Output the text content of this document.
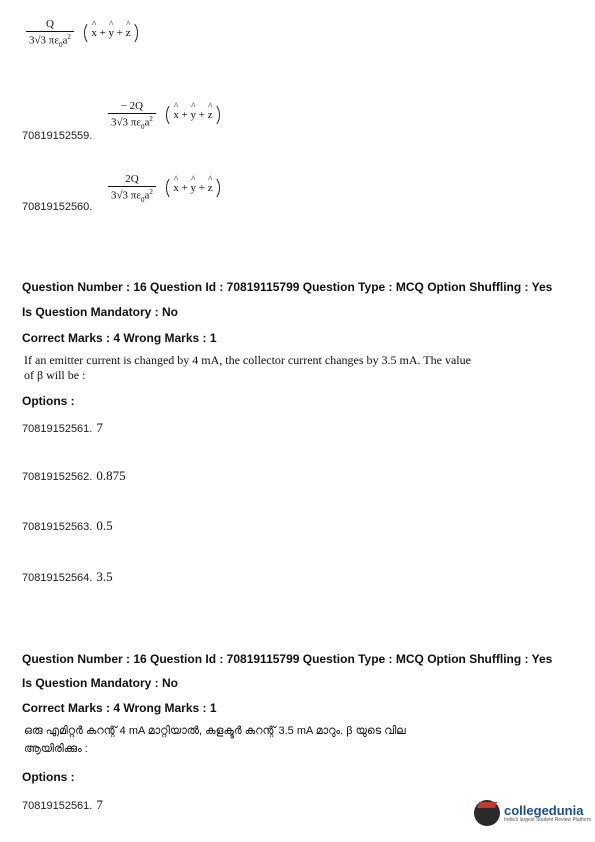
$\frac{Q}{3√3 \pi\varepsilon_0a^2}$ ^ x + ^ y + ^ z
70819152559.
$\frac{- 2Q}{3√3 \pi\varepsilon_0a^2}$ ^ x + ^ y + ^ z
70819152560.
$\frac{2Q}{3√3 \pi\varepsilon_0a^2}$ ^ x + ^ y + ^ z
Question Number : 16 Question Id : 70819115799 Question Type : MCQ Option Shuffling : Yes
Is Question Mandatory : No
Correct Marks : 4 Wrong Marks : 1
If an emitter current is changed by 4 mA, the collector current changes by 3.5 mA. The value
of β will be :
Options :
70819152561. 7
70819152562. 0.875
70819152563. 0.5
70819152564. 3.5
Question Number : 16 Question Id : 70819115799 Question Type : MCQ Option Shuffling : Yes
Is Question Mandatory : No
Correct Marks : 4 Wrong Marks : 1
ഒരു എമിറ്റർ കറന്റ് 4 mA മാറ്റിയാൽ, കളക്ടർ കറന്റ് 3.5 mA മാറും. β യുടെ വില
ആയിരിക്കും :
Options :
70819152561. 7	collegedunia
India's largest Student Review Platform
